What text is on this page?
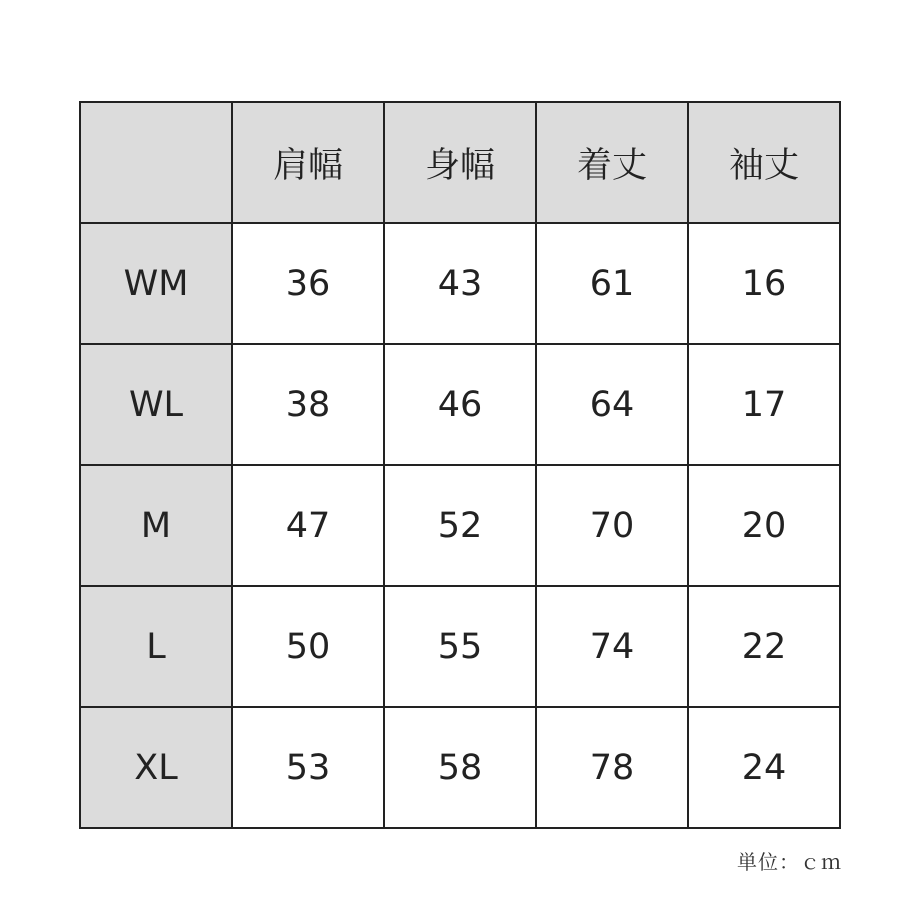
	肩幅	身幅	着丈	袖丈
WM	36	43	61	16
WL	38	46	64	17
M	47	52	70	20
L	50	55	74	22
XL	53	58	78	24
単位：ｃｍ
